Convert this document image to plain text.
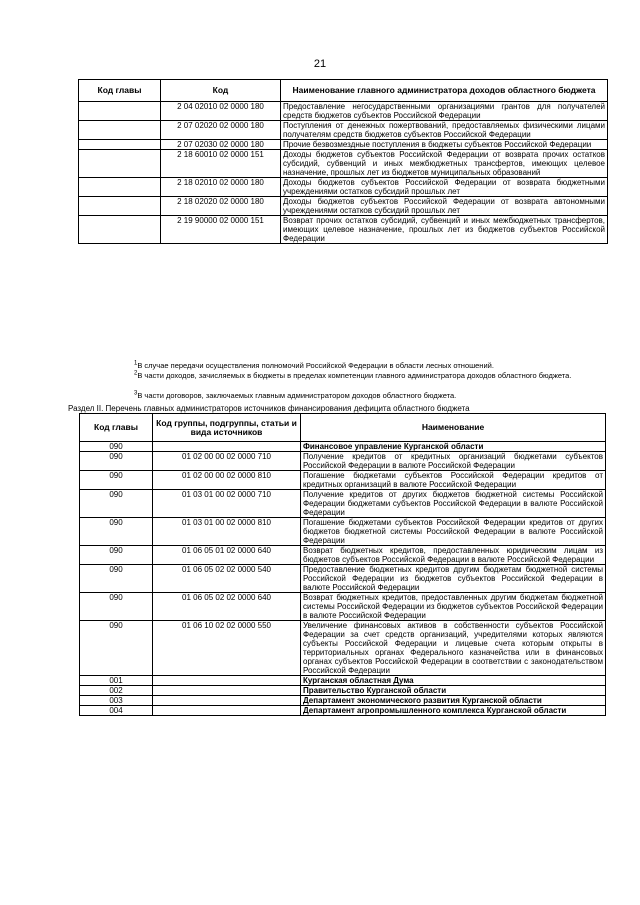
21
Код главы	Код	Наименование главного администратора доходов областного бюджета
	2 04 02010 02 0000 180	Предоставление негосударственными организациями грантов для получателей средств бюджетов субъектов Российской Федерации
	2 07 02020 02 0000 180	Поступления от денежных пожертвований, предоставляемых физическими лицами получателям средств бюджетов субъектов Российской Федерации
	2 07 02030 02 0000 180	Прочие безвозмездные поступления в бюджеты субъектов Российской Федерации
	2 18 60010 02 0000 151	Доходы бюджетов субъектов Российской Федерации от возврата прочих остатков субсидий, субвенций и иных межбюджетных трансфертов, имеющих целевое назначение, прошлых лет из бюджетов муниципальных образований
	2 18 02010 02 0000 180	Доходы бюджетов субъектов Российской Федерации от возврата бюджетными учреждениями остатков субсидий прошлых лет
	2 18 02020 02 0000 180	Доходы бюджетов субъектов Российской Федерации от возврата автономными учреждениями остатков субсидий прошлых лет
	2 19 90000 02 0000 151	Возврат прочих остатков субсидий, субвенций и иных межбюджетных трансфертов, имеющих целевое назначение, прошлых лет из бюджетов субъектов Российской Федерации
$^1$В случае передачи осуществления полномочий Российской Федерации в области лесных отношений.
$^2$В части доходов, зачисляемых в бюджеты в пределах компетенции главного администратора доходов областного бюджета.
$^3$В части договоров, заключаемых главным администратором доходов областного бюджета.
Раздел II. Перечень главных администраторов источников финансирования дефицита областного бюджета
Код главы	Код группы, подгруппы, статьи и вида источников	Наименование
090		Финансовое управление Курганской области
090	01 02 00 00 02 0000 710	Получение кредитов от кредитных организаций бюджетами субъектов Российской Федерации в валюте Российской Федерации
090	01 02 00 00 02 0000 810	Погашение бюджетами субъектов Российской Федерации кредитов от кредитных организаций в валюте Российской Федерации
090	01 03 01 00 02 0000 710	Получение кредитов от других бюджетов бюджетной системы Российской Федерации бюджетами субъектов Российской Федерации в валюте Российской Федерации
090	01 03 01 00 02 0000 810	Погашение бюджетами субъектов Российской Федерации кредитов от других бюджетов бюджетной системы Российской Федерации в валюте Российской Федерации
090	01 06 05 01 02 0000 640	Возврат бюджетных кредитов, предоставленных юридическим лицам из бюджетов субъектов Российской Федерации в валюте Российской Федерации
090	01 06 05 02 02 0000 540	Предоставление бюджетных кредитов другим бюджетам бюджетной системы Российской Федерации из бюджетов субъектов Российской Федерации в валюте Российской Федерации
090	01 06 05 02 02 0000 640	Возврат бюджетных кредитов, предоставленных другим бюджетам бюджетной системы Российской Федерации из бюджетов субъектов Российской Федерации в валюте Российской Федерации
090	01 06 10 02 02 0000 550	Увеличение финансовых активов в собственности субъектов Российской Федерации за счет средств организаций, учредителями которых являются субъекты Российской Федерации и лицевые счета которым открыты в территориальных органах Федерального казначейства или в финансовых органах субъектов Российской Федерации в соответствии с законодательством Российской Федерации
001		Курганская областная Дума
002		Правительство Курганской области
003		Департамент экономического развития Курганской области
004		Департамент агропромышленного комплекса Курганской области
